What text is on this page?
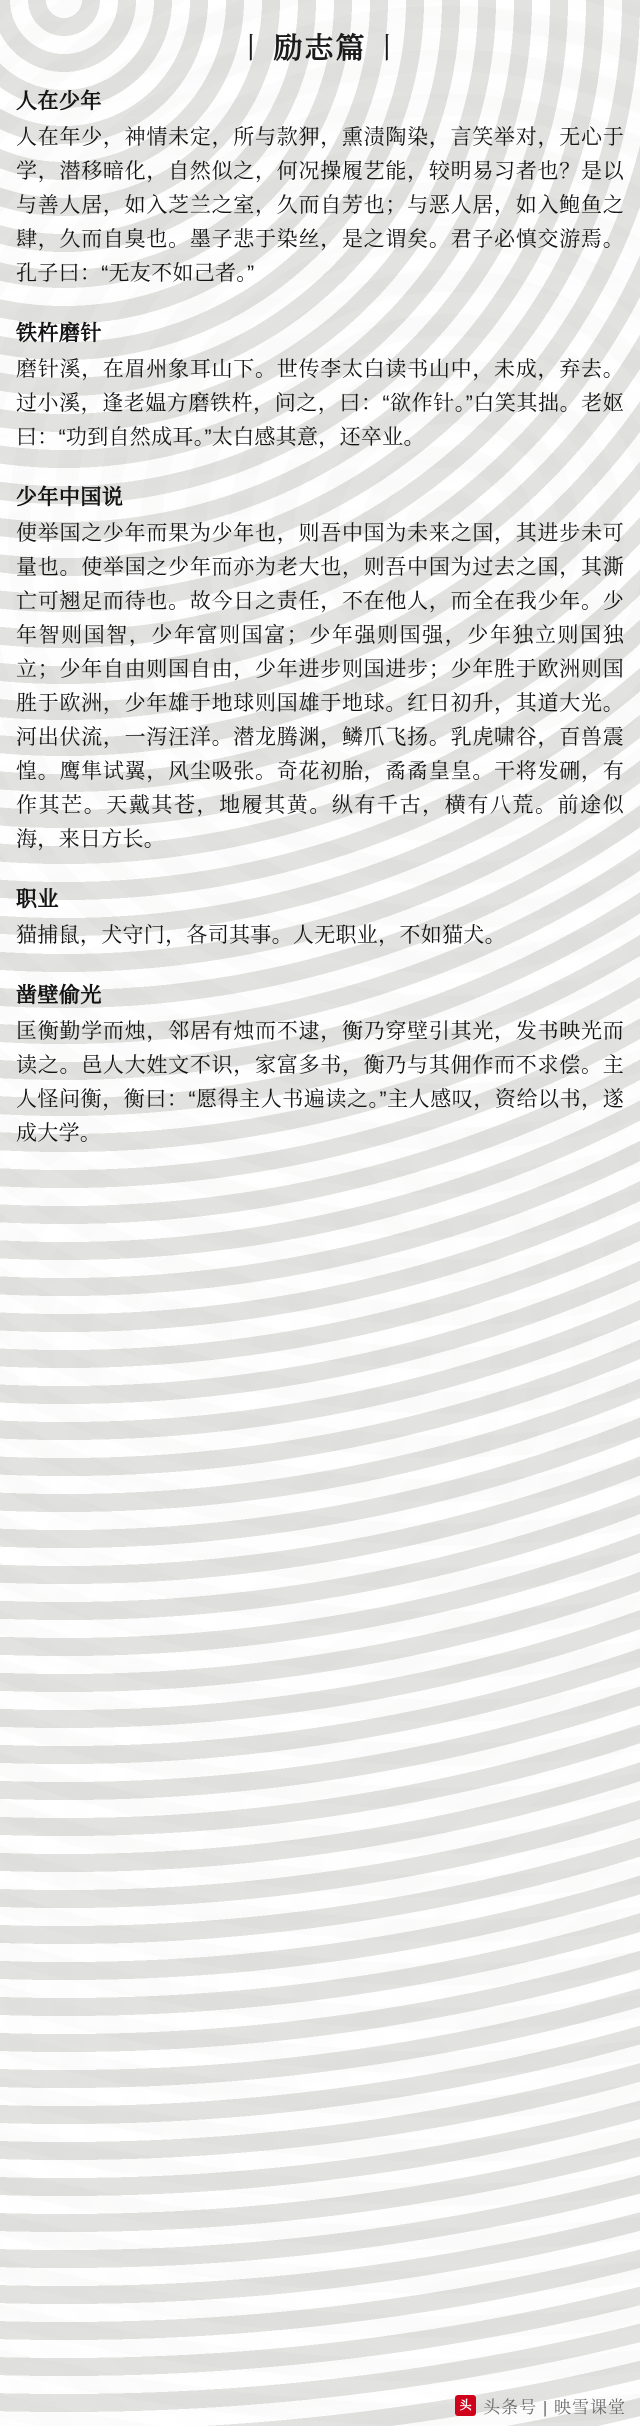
丨 励志篇 丨
人在少年
人在年少，神情未定，所与款狎，熏渍陶染，言笑举对，无心于学，潜移暗化，自然似之，何况操履艺能，较明易习者也？是以与善人居，如入芝兰之室，久而自芳也；与恶人居，如入鲍鱼之肆，久而自臭也。墨子悲于染丝，是之谓矣。君子必慎交游焉。孔子曰：“无友不如己者。”
铁杵磨针
磨针溪，在眉州象耳山下。世传李太白读书山中，未成，弃去。过小溪，逢老媪方磨铁杵，问之，曰：“欲作针。”白笑其拙。老妪曰：“功到自然成耳。”太白感其意，还卒业。
少年中国说
使举国之少年而果为少年也，则吾中国为未来之国，其进步未可量也。使举国之少年而亦为老大也，则吾中国为过去之国，其澌亡可翘足而待也。故今日之责任，不在他人，而全在我少年。少年智则国智，少年富则国富；少年强则国强，少年独立则国独立；少年自由则国自由，少年进步则国进步；少年胜于欧洲则国胜于欧洲，少年雄于地球则国雄于地球。红日初升，其道大光。河出伏流，一泻汪洋。潜龙腾渊，鳞爪飞扬。乳虎啸谷，百兽震惶。鹰隼试翼，风尘吸张。奇花初胎，矞矞皇皇。干将发硎，有作其芒。天戴其苍，地履其黄。纵有千古，横有八荒。前途似海，来日方长。
职业
猫捕鼠，犬守门，各司其事。人无职业，不如猫犬。
凿壁偷光
匡衡勤学而烛，邻居有烛而不逮，衡乃穿壁引其光，发书映光而读之。邑人大姓文不识，家富多书，衡乃与其佣作而不求偿。主人怪问衡，衡曰：“愿得主人书遍读之。”主人感叹，资给以书，遂成大学。
头 头条号 | 映雪课堂
